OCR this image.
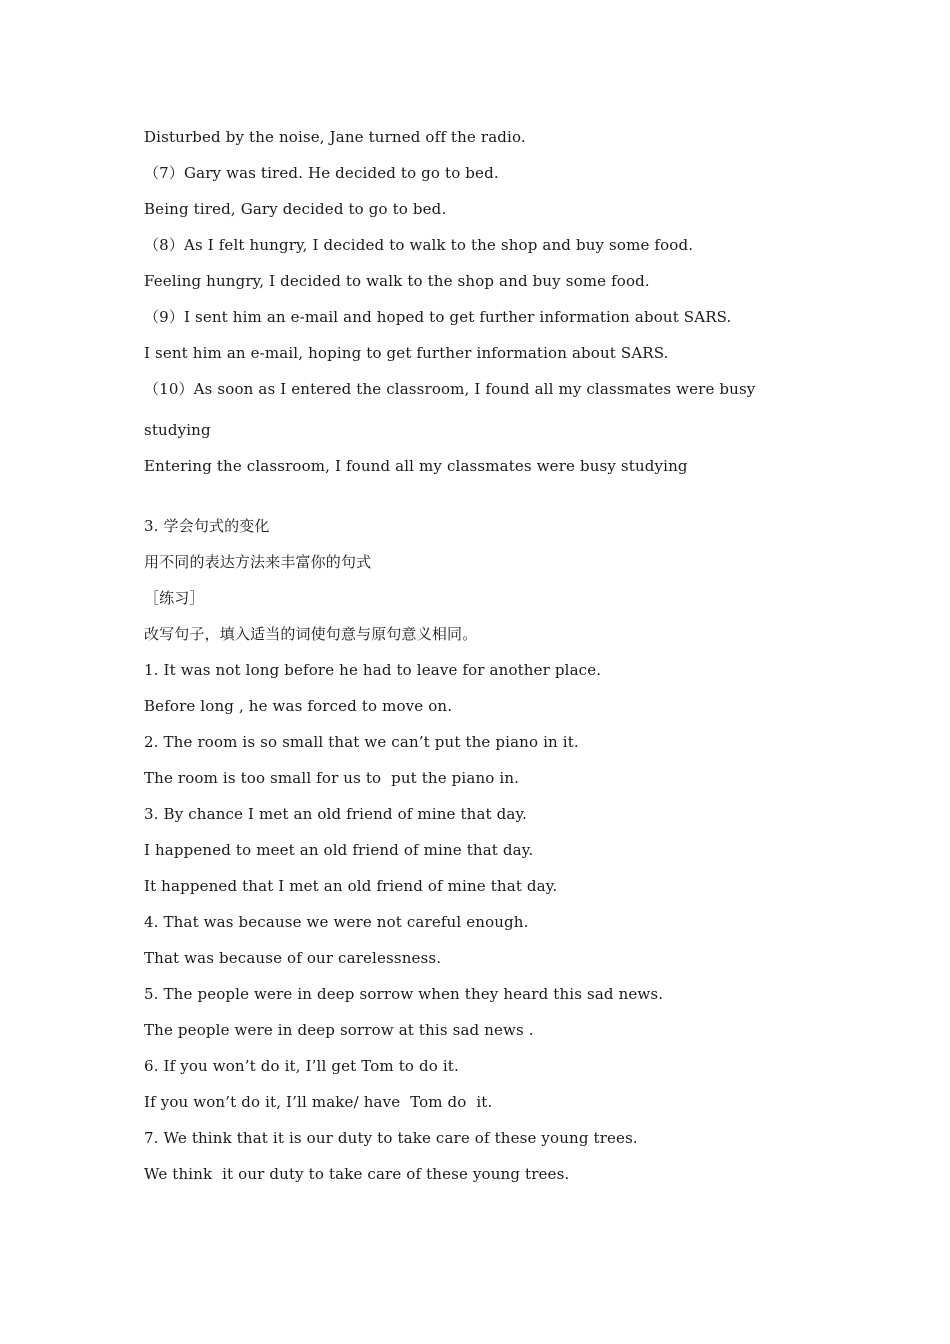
Disturbed by the noise, Jane turned off the radio.
（7）Gary was tired. He decided to go to bed.
Being tired, Gary decided to go to bed.
（8）As I felt hungry, I decided to walk to the shop and buy some food.
Feeling hungry, I decided to walk to the shop and buy some food.
（9）I sent him an e-mail and hoped to get further information about SARS.
I sent him an e-mail, hoping to get further information about SARS.
（10）As soon as I entered the classroom, I found all my classmates were busy
studying
Entering the classroom, I found all my classmates were busy studying
3. 学会句式的变化
用不同的表达方法来丰富你的句式
［练习］
改写句子，填入适当的词使句意与原句意义相同。
1. It was not long before he had to leave for another place.
Before long , he was forced to move on.
2. The room is so small that we can’t put the piano in it.
The room is too small for us to  put the piano in.
3. By chance I met an old friend of mine that day.
I happened to meet an old friend of mine that day.
It happened that I met an old friend of mine that day.
4. That was because we were not careful enough.
That was because of our carelessness.
5. The people were in deep sorrow when they heard this sad news.
The people were in deep sorrow at this sad news .
6. If you won’t do it, I’ll get Tom to do it.
If you won’t do it, I’ll make/ have  Tom do  it.
7. We think that it is our duty to take care of these young trees.
We think  it our duty to take care of these young trees.
